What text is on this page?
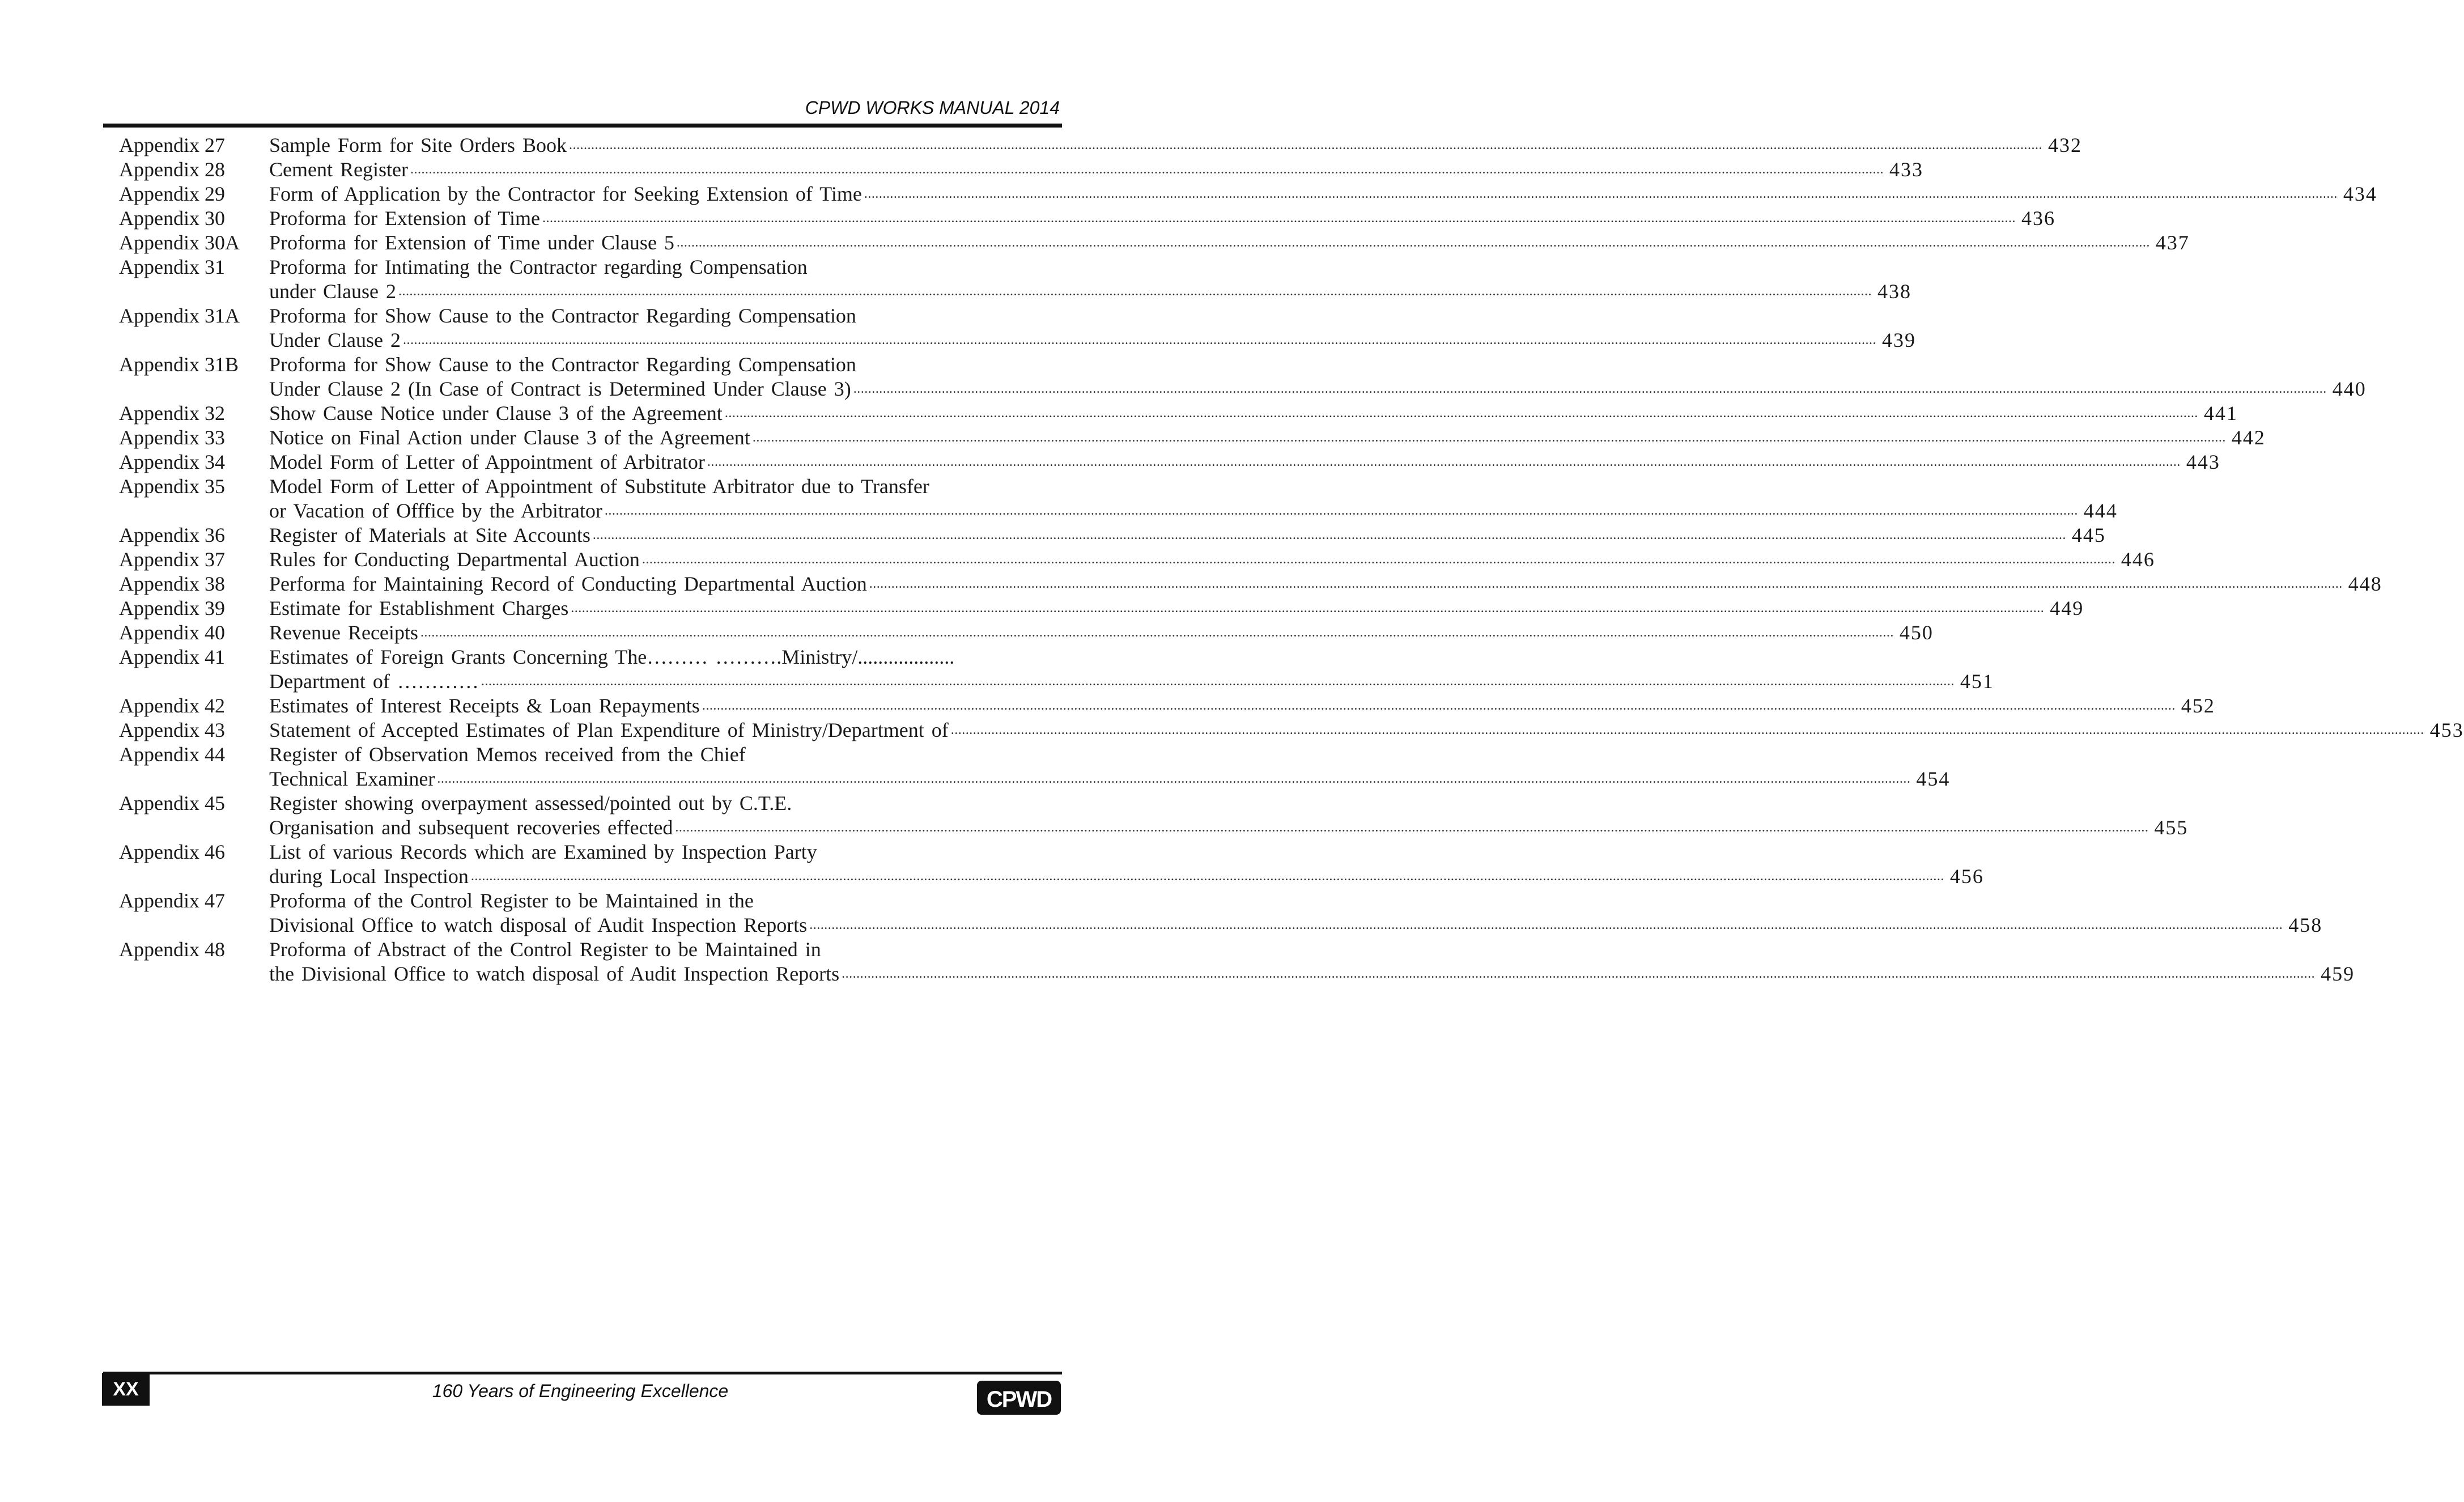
CPWD WORKS MANUAL 2014
Appendix 27	Sample Form for Site Orders Book ................................................................................................................................................................................................................................................................................................................................................................................................................ 432
Appendix 28	Cement Register ................................................................................................................................................................................................................................................................................................................................................................................................................ 433
Appendix 29	Form of Application by the Contractor for Seeking Extension of Time ................................................................................................................................................................................................................................................................................................................................................................................................................ 434
Appendix 30	Proforma for Extension of Time ................................................................................................................................................................................................................................................................................................................................................................................................................ 436
Appendix 30A	Proforma for Extension of Time under Clause 5 ................................................................................................................................................................................................................................................................................................................................................................................................................ 437
Appendix 31	Proforma for Intimating the Contractor regarding Compensation
under Clause 2 ................................................................................................................................................................................................................................................................................................................................................................................................................ 438
Appendix 31A	Proforma for Show Cause to the Contractor Regarding Compensation
Under Clause 2 ................................................................................................................................................................................................................................................................................................................................................................................................................ 439
Appendix 31B	Proforma for Show Cause to the Contractor Regarding Compensation
Under Clause 2 (In Case of Contract is Determined Under Clause 3) ................................................................................................................................................................................................................................................................................................................................................................................................................ 440
Appendix 32	Show Cause Notice under Clause 3 of the Agreement ................................................................................................................................................................................................................................................................................................................................................................................................................ 441
Appendix 33	Notice on Final Action under Clause 3 of the Agreement ................................................................................................................................................................................................................................................................................................................................................................................................................ 442
Appendix 34	Model Form of Letter of Appointment of Arbitrator ................................................................................................................................................................................................................................................................................................................................................................................................................ 443
Appendix 35	Model Form of Letter of Appointment of Substitute Arbitrator due to Transfer
or Vacation of Offfice by the Arbitrator ................................................................................................................................................................................................................................................................................................................................................................................................................ 444
Appendix 36	Register of Materials at Site Accounts ................................................................................................................................................................................................................................................................................................................................................................................................................ 445
Appendix 37	Rules for Conducting Departmental Auction ................................................................................................................................................................................................................................................................................................................................................................................................................ 446
Appendix 38	Performa for Maintaining Record of Conducting Departmental Auction ................................................................................................................................................................................................................................................................................................................................................................................................................ 448
Appendix 39	Estimate for Establishment Charges ................................................................................................................................................................................................................................................................................................................................................................................................................ 449
Appendix 40	Revenue Receipts ................................................................................................................................................................................................................................................................................................................................................................................................................ 450
Appendix 41	Estimates of Foreign Grants Concerning The……… ……….Ministry/...................
Department of ………… ................................................................................................................................................................................................................................................................................................................................................................................................................ 451
Appendix 42	Estimates of Interest Receipts & Loan Repayments ................................................................................................................................................................................................................................................................................................................................................................................................................ 452
Appendix 43	Statement of Accepted Estimates of Plan Expenditure of Ministry/Department of ................................................................................................................................................................................................................................................................................................................................................................................................................ 453
Appendix 44	Register of Observation Memos received from the Chief
Technical Examiner ................................................................................................................................................................................................................................................................................................................................................................................................................ 454
Appendix 45	Register showing overpayment assessed/pointed out by C.T.E.
Organisation and subsequent recoveries effected ................................................................................................................................................................................................................................................................................................................................................................................................................ 455
Appendix 46	List of various Records which are Examined by Inspection Party
during Local Inspection ................................................................................................................................................................................................................................................................................................................................................................................................................ 456
Appendix 47	Proforma of the Control Register to be Maintained in the
Divisional Office to watch disposal of Audit Inspection Reports ................................................................................................................................................................................................................................................................................................................................................................................................................ 458
Appendix 48	Proforma of Abstract of the Control Register to be Maintained in
the Divisional Office to watch disposal of Audit Inspection Reports ................................................................................................................................................................................................................................................................................................................................................................................................................ 459
XX	160 Years of Engineering Excellence	CPWD
